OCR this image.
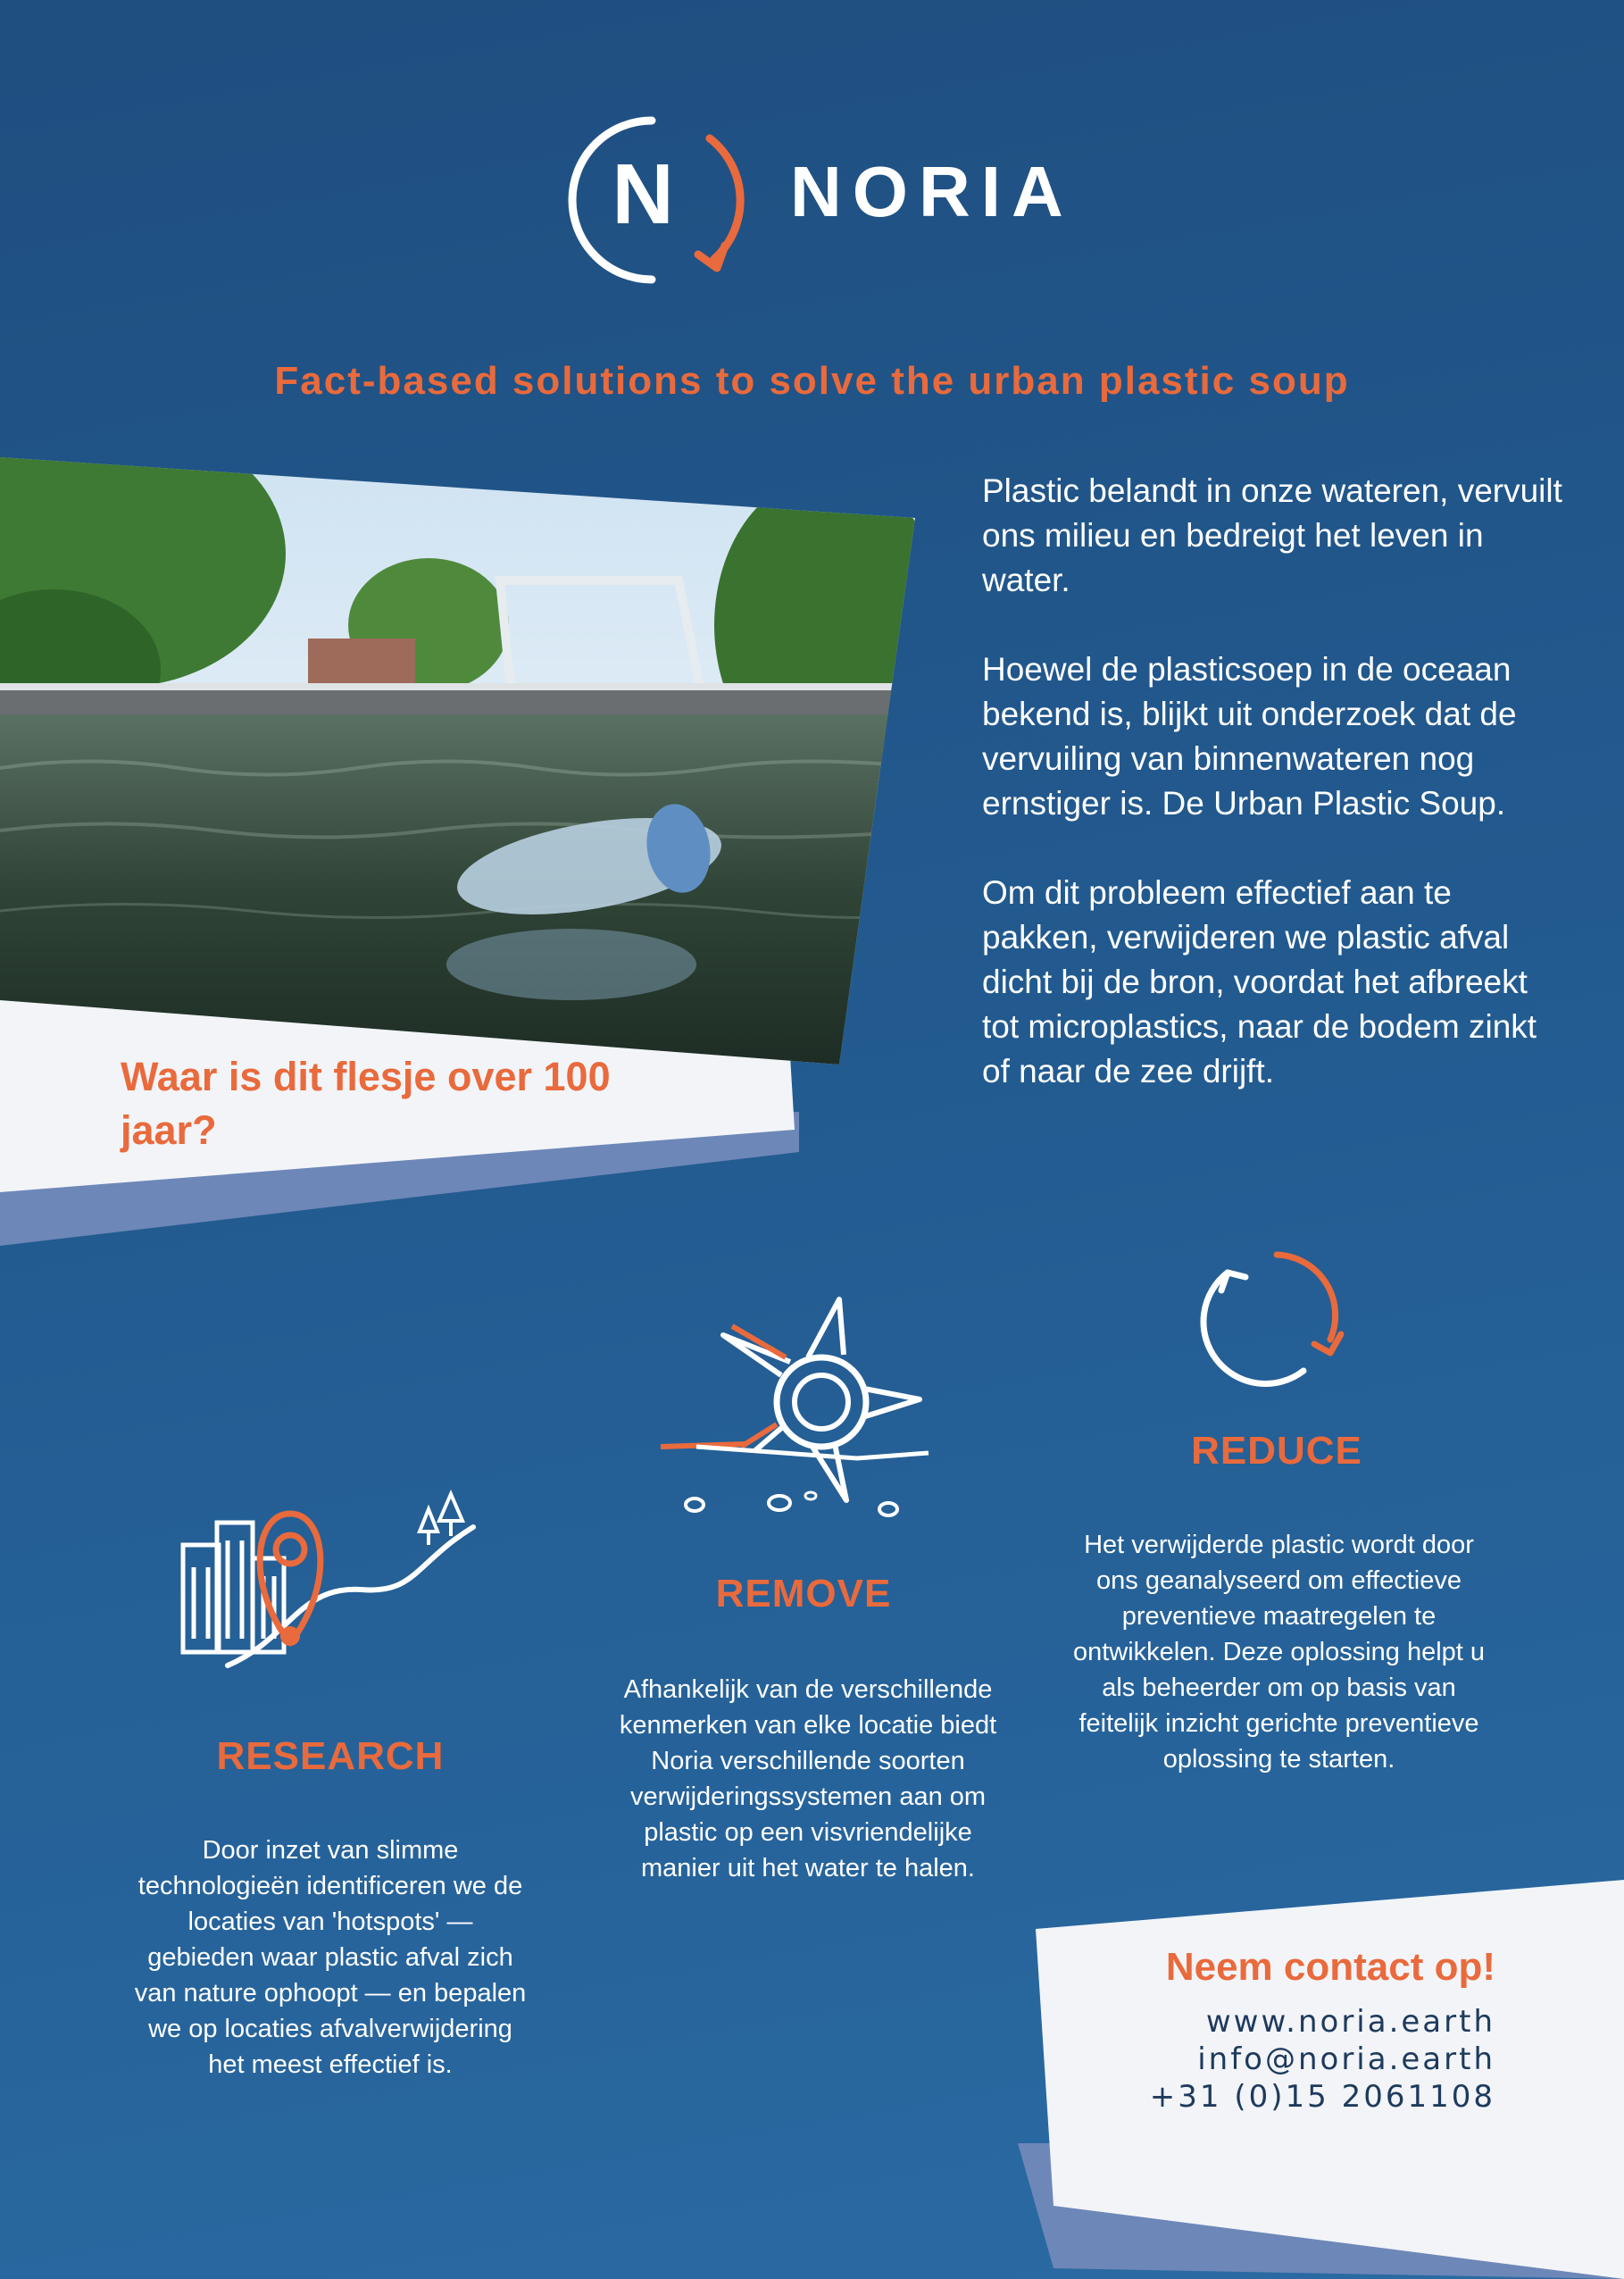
N NORIA
Fact-based solutions to solve the urban plastic soup
Waar is dit flesje over 100 jaar?

Plastic belandt in onze wateren, vervuilt ons milieu en bedreigt het leven in water.

Hoewel de plasticsoep in de oceaan bekend is, blijkt uit onderzoek dat de vervuiling van binnenwateren nog ernstiger is. De Urban Plastic Soup.

Om dit probleem effectief aan te pakken, verwijderen we plastic afval dicht bij de bron, voordat het afbreekt tot microplastics, naar de bodem zinkt of naar de zee drijft.

REDUCE
Het verwijderde plastic wordt door ons geanalyseerd om effectieve preventieve maatregelen te ontwikkelen. Deze oplossing helpt u als beheerder om op basis van feitelijk inzicht gerichte preventieve oplossing te starten.
REMOVE
Afhankelijk van de verschillende kenmerken van elke locatie biedt Noria verschillende soorten verwijderingssystemen aan om plastic op een visvriendelijke manier uit het water te halen.
RESEARCH
Door inzet van slimme technologieën identificeren we de locaties van 'hotspots' — gebieden waar plastic afval zich van nature ophoopt — en bepalen we op locaties afvalverwijdering het meest effectief is.
Neem contact op!
www.noria.earth
info@noria.earth
+31 (0)15 2061108
